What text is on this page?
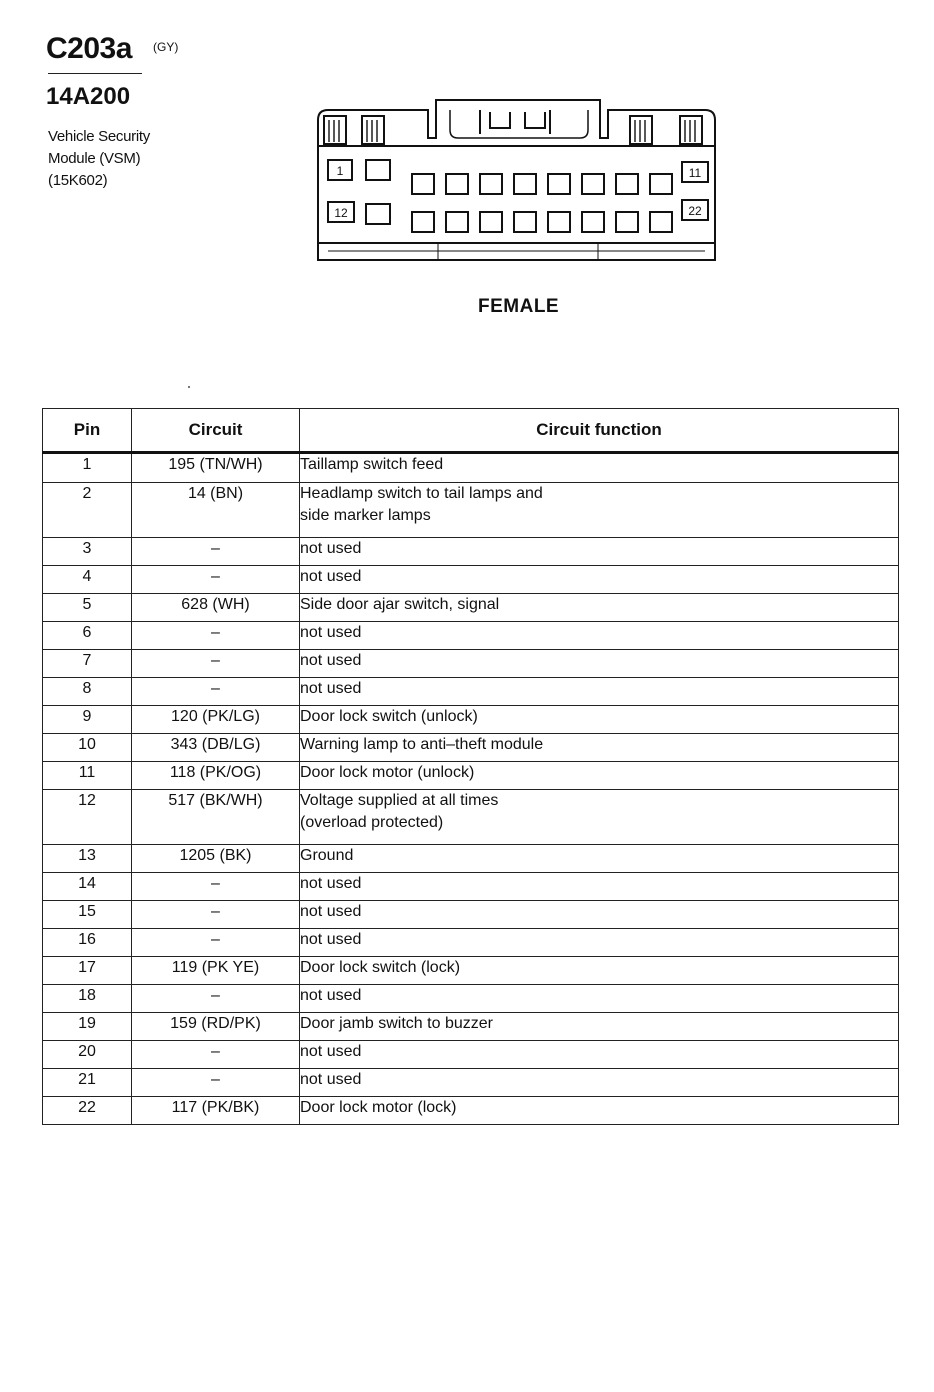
C203a (GY)
14A200
Vehicle Security
Module (VSM)
(15K602)
1
12
11
22
FEMALE
Pin	Circuit	Circuit function
1	195 (TN/WH)	Taillamp switch feed
2	14 (BN)	Headlamp switch to tail lamps and
side marker lamps
3	–	not used
4	–	not used
5	628 (WH)	Side door ajar switch, signal
6	–	not used
7	–	not used
8	–	not used
9	120 (PK/LG)	Door lock switch (unlock)
10	343 (DB/LG)	Warning lamp to anti–theft module
11	118 (PK/OG)	Door lock motor (unlock)
12	517 (BK/WH)	Voltage supplied at all times
(overload protected)
13	1205 (BK)	Ground
14	–	not used
15	–	not used
16	–	not used
17	119 (PK YE)	Door lock switch (lock)
18	–	not used
19	159 (RD/PK)	Door jamb switch to buzzer
20	–	not used
21	–	not used
22	117 (PK/BK)	Door lock motor (lock)
